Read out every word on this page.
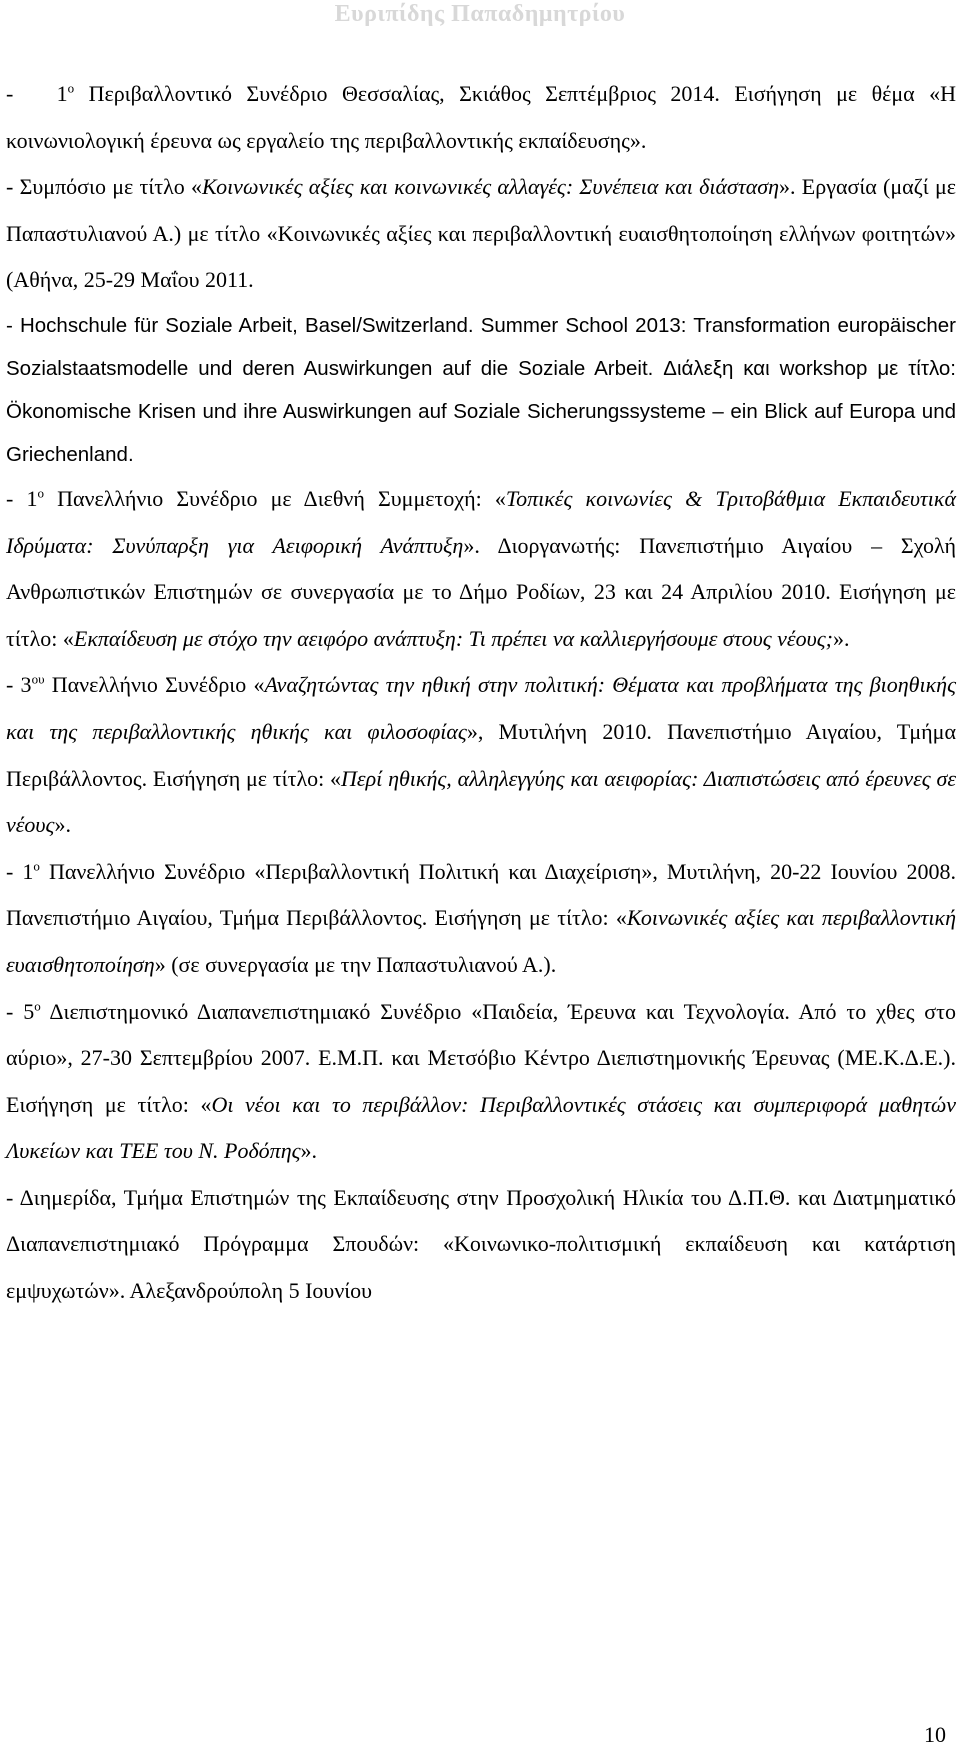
Ευριπίδης Παπαδημητρίου

- $1^o$ Περιβαλλοντικό Συνέδριο Θεσσαλίας, Σκιάθος Σεπτέμβριος 2014. Εισήγηση με θέμα «Η κοινωνιολογική έρευνα ως εργαλείο της περιβαλλοντικής εκπαίδευσης».

- Συμπόσιο με τίτλο «Κοινωνικές αξίες και κοινωνικές αλλαγές: Συνέπεια και διάσταση». Εργασία (μαζί με Παπαστυλιανού Α.) με τίτλο «Κοινωνικές αξίες και περιβαλλοντική ευαισθητοποίηση ελλήνων φοιτητών» (Αθήνα, 25-29 Μαΐου 2011.

- Hochschule für Soziale Arbeit, Basel/Switzerland. Summer School 2013: Transformation europäischer Sozialstaatsmodelle und deren Auswirkungen auf die Soziale Arbeit. Διάλεξη και workshop με τίτλο: Ökonomische Krisen und ihre Auswirkungen auf Soziale Sicherungssysteme – ein Blick auf Europa und Griechenland.

- $1^o$ Πανελλήνιο Συνέδριο με Διεθνή Συμμετοχή: «Τοπικές κοινωνίες & Τριτοβάθμια Εκπαιδευτικά Ιδρύματα: Συνύπαρξη για Αειφορική Ανάπτυξη». Διοργανωτής: Πανεπιστήμιο Αιγαίου – Σχολή Ανθρωπιστικών Επιστημών σε συνεργασία με το Δήμο Ροδίων, 23 και 24 Απριλίου 2010. Εισήγηση με τίτλο: «Εκπαίδευση με στόχο την αειφόρο ανάπτυξη: Τι πρέπει να καλλιεργήσουμε στους νέους;».

- $3^{o\upsilon}$ Πανελλήνιο Συνέδριο «Αναζητώντας την ηθική στην πολιτική: Θέματα και προβλήματα της βιοηθικής και της περιβαλλοντικής ηθικής και φιλοσοφίας», Μυτιλήνη 2010. Πανεπιστήμιο Αιγαίου, Τμήμα Περιβάλλοντος. Εισήγηση με τίτλο: «Περί ηθικής, αλληλεγγύης και αειφορίας: Διαπιστώσεις από έρευνες σε νέους».

- $1^o$ Πανελλήνιο Συνέδριο «Περιβαλλοντική Πολιτική και Διαχείριση», Μυτιλήνη, 20-22 Ιουνίου 2008. Πανεπιστήμιο Αιγαίου, Τμήμα Περιβάλλοντος. Εισήγηση με τίτλο: «Κοινωνικές αξίες και περιβαλλοντική ευαισθητοποίηση» (σε συνεργασία με την Παπαστυλιανού Α.).

- $5^o$ Διεπιστημονικό Διαπανεπιστημιακό Συνέδριο «Παιδεία, Έρευνα και Τεχνολογία. Από το χθες στο αύριο», 27-30 Σεπτεμβρίου 2007. Ε.Μ.Π. και Μετσόβιο Κέντρο Διεπιστημονικής Έρευνας (ΜΕ.Κ.Δ.Ε.). Εισήγηση με τίτλο: «Οι νέοι και το περιβάλλον: Περιβαλλοντικές στάσεις και συμπεριφορά μαθητών Λυκείων και ΤΕΕ του Ν. Ροδόπης».

- Διημερίδα, Τμήμα Επιστημών της Εκπαίδευσης στην Προσχολική Ηλικία του Δ.Π.Θ. και Διατμηματικό Διαπανεπιστημιακό Πρόγραμμα Σπουδών: «Κοινωνικο-πολιτισμική εκπαίδευση και κατάρτιση εμψυχωτών». Αλεξανδρούπολη 5 Ιουνίου

10
